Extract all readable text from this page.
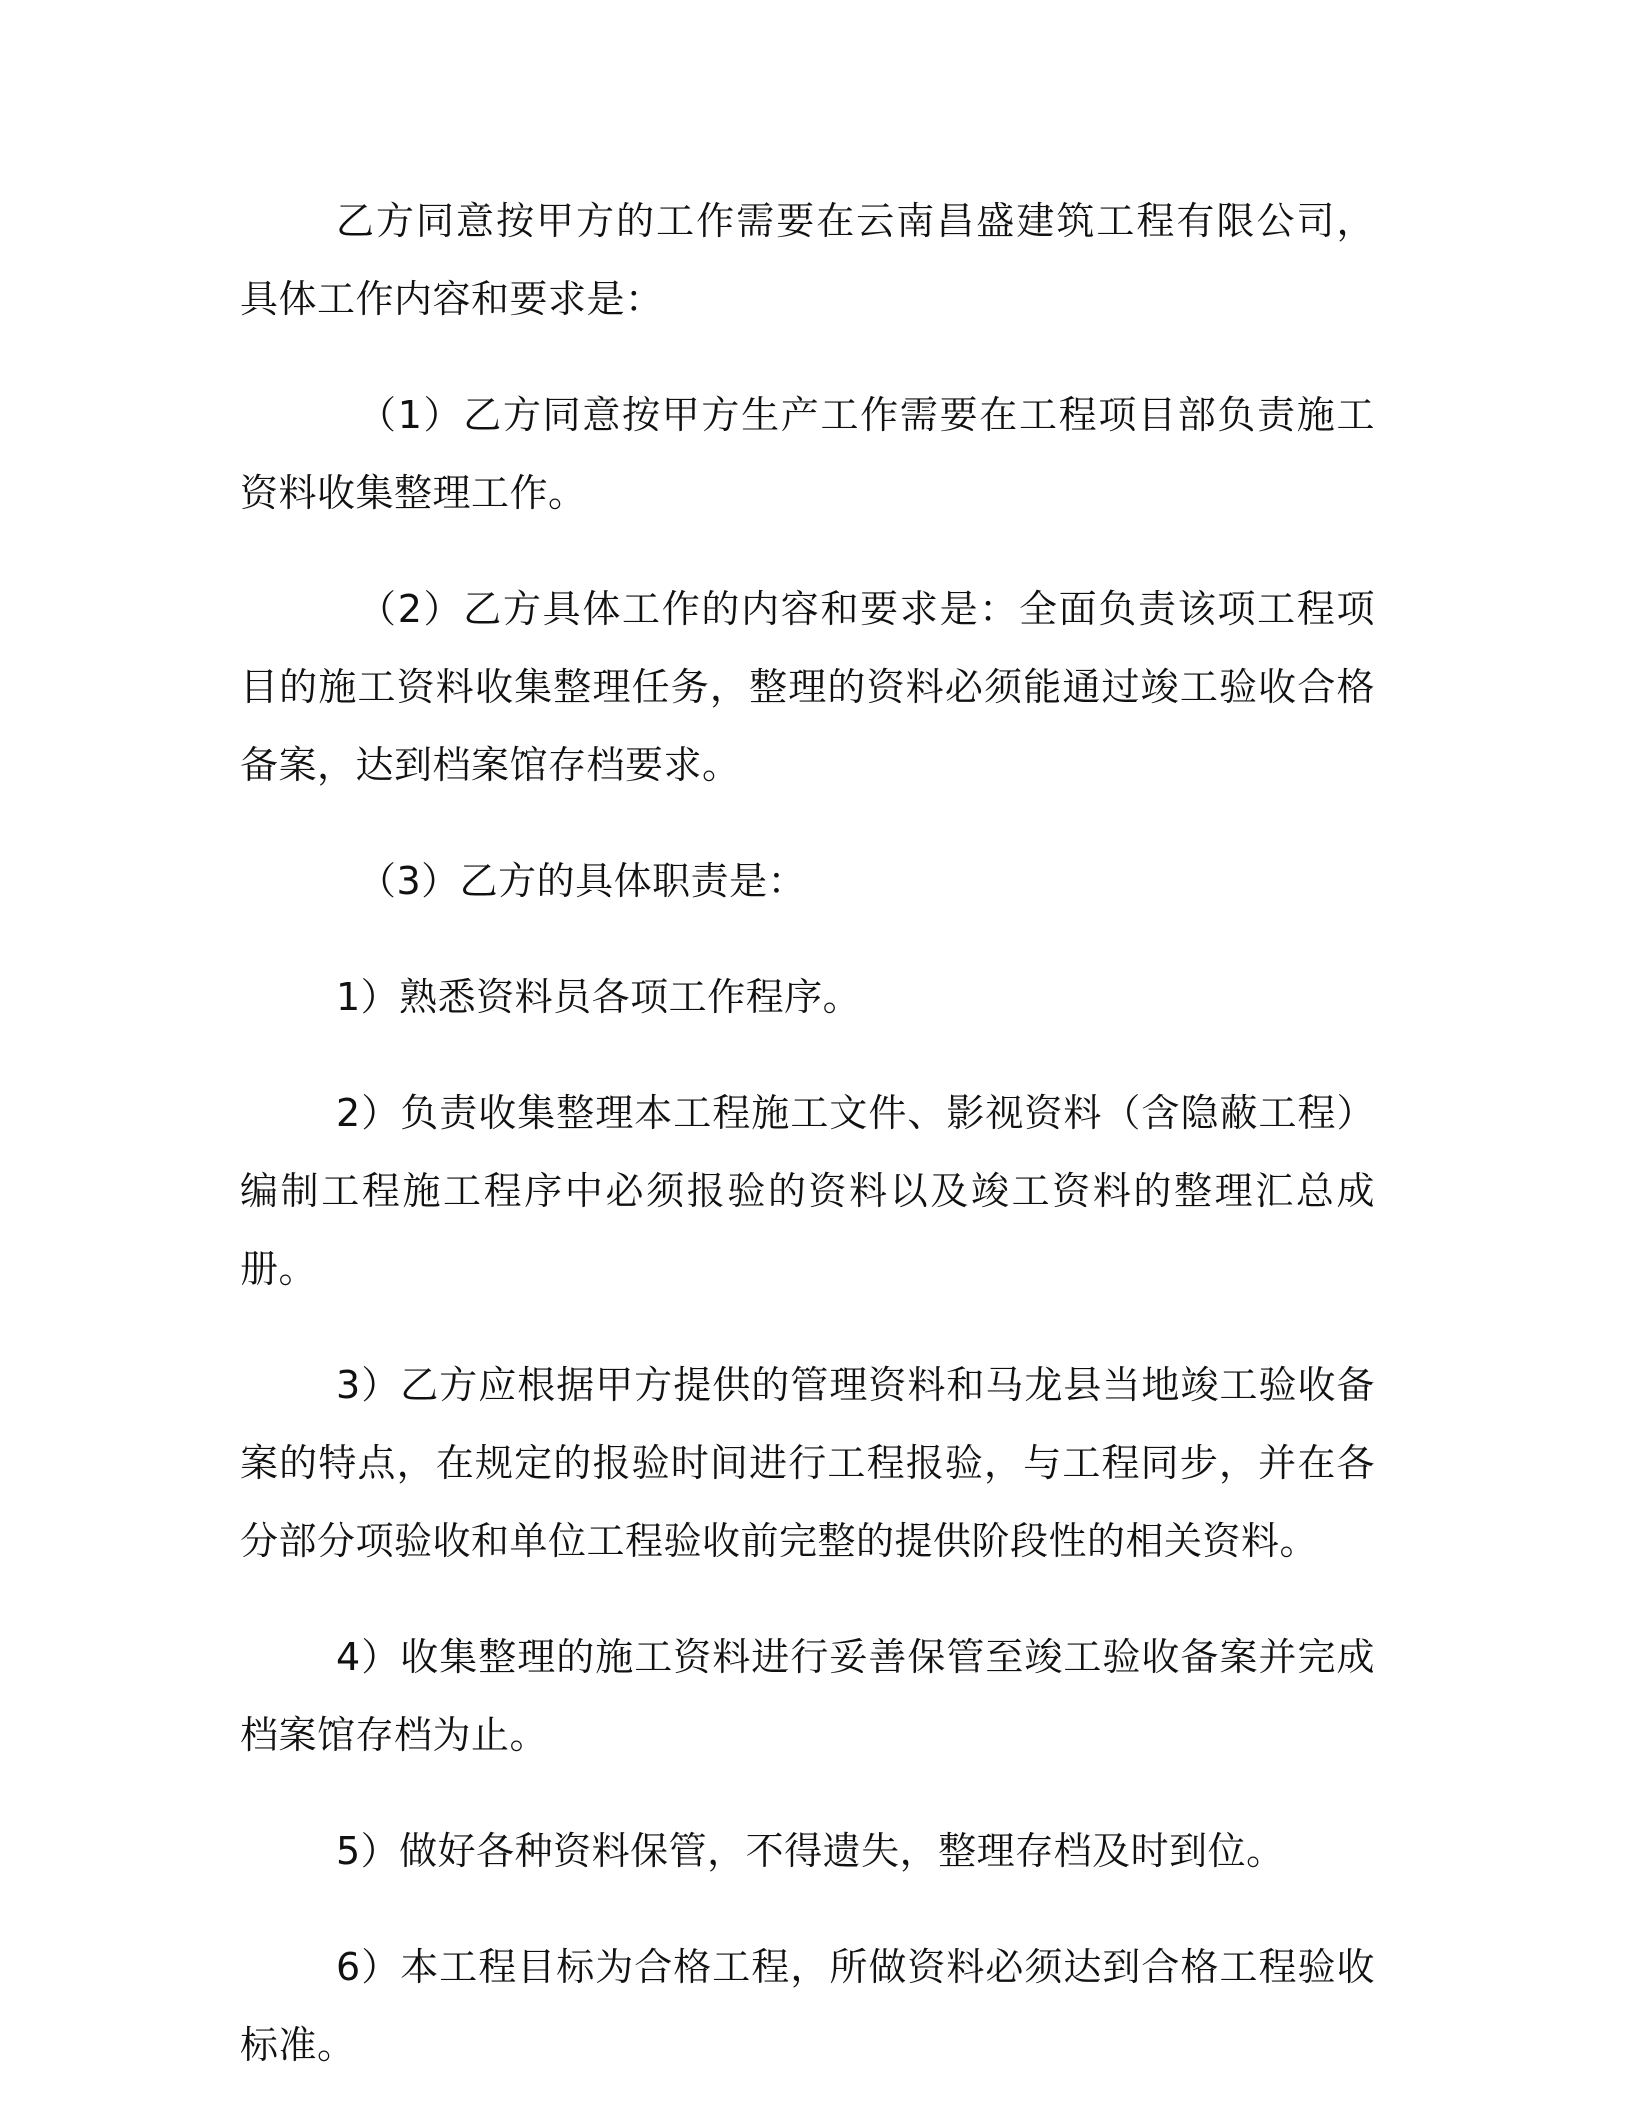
乙方同意按甲方的工作需要在云南昌盛建筑工程有限公司，具体工作内容和要求是：

（1）乙方同意按甲方生产工作需要在工程项目部负责施工资料收集整理工作。

（2）乙方具体工作的内容和要求是：全面负责该项工程项目的施工资料收集整理任务，整理的资料必须能通过竣工验收合格备案，达到档案馆存档要求。

（3）乙方的具体职责是：

1）熟悉资料员各项工作程序。

2）负责收集整理本工程施工文件、影视资料（含隐蔽工程）编制工程施工程序中必须报验的资料以及竣工资料的整理汇总成册。

3）乙方应根据甲方提供的管理资料和马龙县当地竣工验收备案的特点，在规定的报验时间进行工程报验，与工程同步，并在各分部分项验收和单位工程验收前完整的提供阶段性的相关资料。

4）收集整理的施工资料进行妥善保管至竣工验收备案并完成档案馆存档为止。

5）做好各种资料保管，不得遗失，整理存档及时到位。

6）本工程目标为合格工程，所做资料必须达到合格工程验收标准。
